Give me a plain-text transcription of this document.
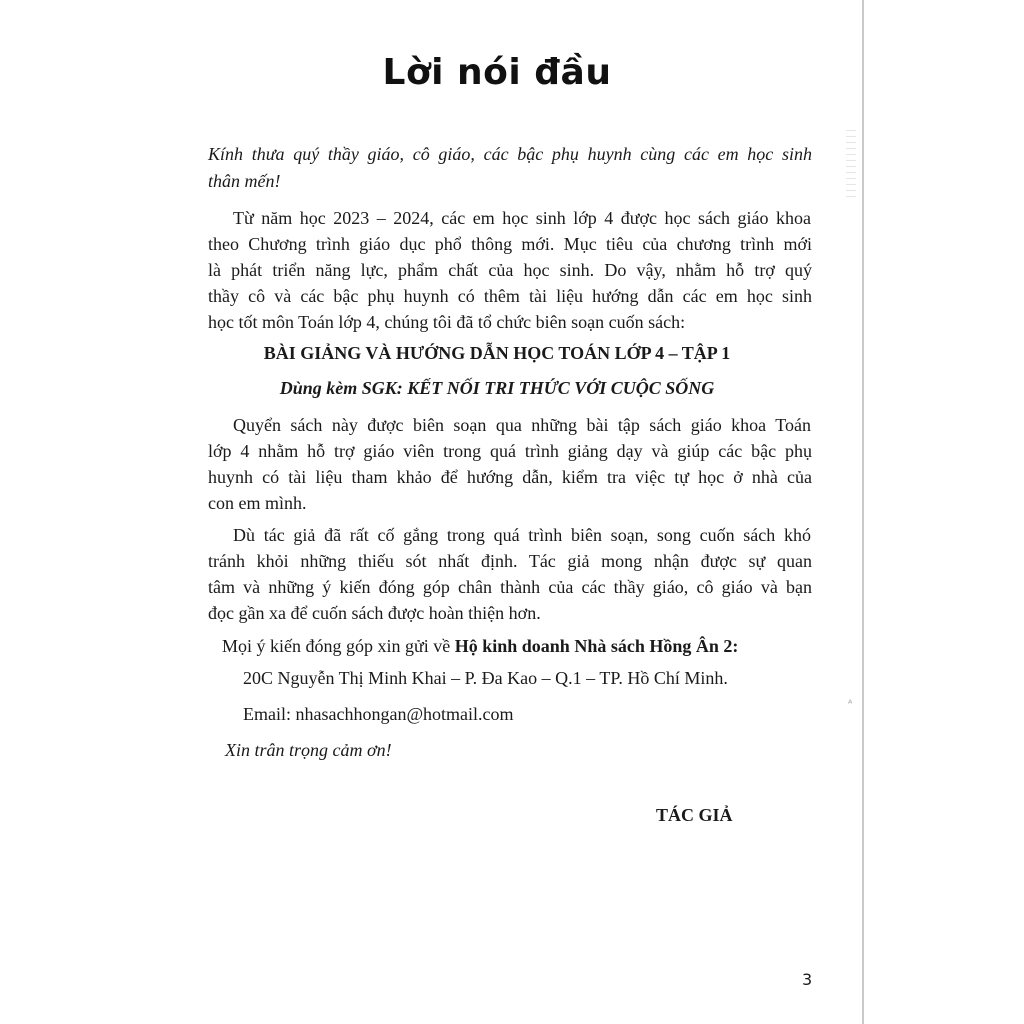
ᴬ
Lời nói đầu
Kính thưa quý thầy giáo, cô giáo, các bậc phụ huynh cùng các em học sinh
thân mến!
Từ năm học 2023 – 2024, các em học sinh lớp 4 được học sách giáo khoa
theo Chương trình giáo dục phổ thông mới. Mục tiêu của chương trình mới
là phát triển năng lực, phẩm chất của học sinh. Do vậy, nhằm hỗ trợ quý
thầy cô và các bậc phụ huynh có thêm tài liệu hướng dẫn các em học sinh
học tốt môn Toán lớp 4, chúng tôi đã tổ chức biên soạn cuốn sách:
BÀI GIẢNG VÀ HƯỚNG DẪN HỌC TOÁN LỚP 4 – TẬP 1
Dùng kèm SGK: KẾT NỐI TRI THỨC VỚI CUỘC SỐNG
Quyển sách này được biên soạn qua những bài tập sách giáo khoa Toán
lớp 4 nhằm hỗ trợ giáo viên trong quá trình giảng dạy và giúp các bậc phụ
huynh có tài liệu tham khảo để hướng dẫn, kiểm tra việc tự học ở nhà của
con em mình.
Dù tác giả đã rất cố gắng trong quá trình biên soạn, song cuốn sách khó
tránh khỏi những thiếu sót nhất định. Tác giả mong nhận được sự quan
tâm và những ý kiến đóng góp chân thành của các thầy giáo, cô giáo và bạn
đọc gần xa để cuốn sách được hoàn thiện hơn.
Mọi ý kiến đóng góp xin gửi về Hộ kinh doanh Nhà sách Hồng Ân 2:
20C Nguyễn Thị Minh Khai – P. Đa Kao – Q.1 – TP. Hồ Chí Minh.
Email: nhasachhongan@hotmail.com
Xin trân trọng cảm ơn!
TÁC GIẢ
3
